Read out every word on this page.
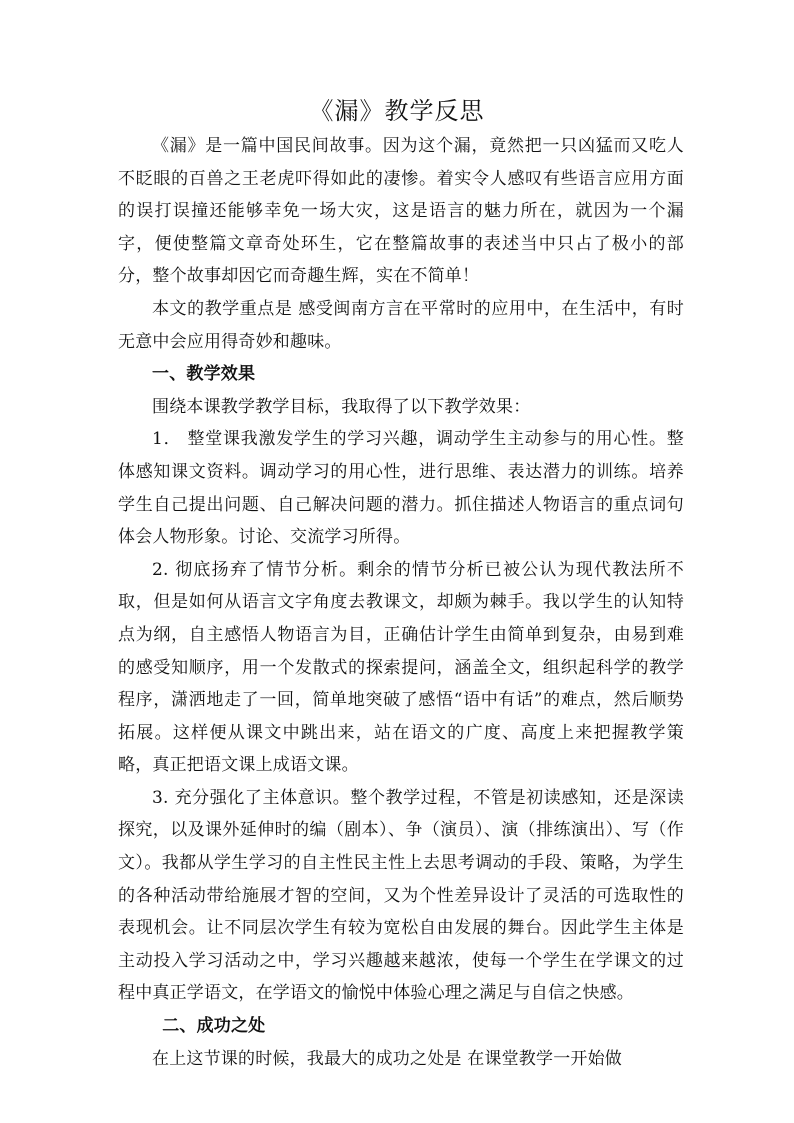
《漏》教学反思

《漏》是一篇中国民间故事。因为这个漏，竟然把一只凶猛而又吃人不眨眼的百兽之王老虎吓得如此的凄惨。着实令人感叹有些语言应用方面的误打误撞还能够幸免一场大灾，这是语言的魅力所在，就因为一个漏字，便使整篇文章奇处环生，它在整篇故事的表述当中只占了极小的部分，整个故事却因它而奇趣生辉，实在不简单！

本文的教学重点是 感受闽南方言在平常时的应用中，在生活中，有时无意中会应用得奇妙和趣味。

一、教学效果

围绕本课教学教学目标，我取得了以下教学效果：

1． 整堂课我激发学生的学习兴趣，调动学生主动参与的用心性。整体感知课文资料。调动学习的用心性，进行思维、表达潜力的训练。培养学生自己提出问题、自己解决问题的潜力。抓住描述人物语言的重点词句体会人物形象。讨论、交流学习所得。

2. 彻底扬弃了情节分析。剩余的情节分析已被公认为现代教法所不取，但是如何从语言文字角度去教课文，却颇为棘手。我以学生的认知特点为纲，自主感悟人物语言为目，正确估计学生由简单到复杂，由易到难的感受知顺序，用一个发散式的探索提问，涵盖全文，组织起科学的教学程序，潇洒地走了一回，简单地突破了感悟“语中有话”的难点，然后顺势拓展。这样便从课文中跳出来，站在语文的广度、高度上来把握教学策略，真正把语文课上成语文课。

3. 充分强化了主体意识。整个教学过程，不管是初读感知，还是深读探究，以及课外延伸时的编（剧本）、争（演员）、演（排练演出）、写（作文）。我都从学生学习的自主性民主性上去思考调动的手段、策略，为学生的各种活动带给施展才智的空间，又为个性差异设计了灵活的可选取性的表现机会。让不同层次学生有较为宽松自由发展的舞台。因此学生主体是主动投入学习活动之中，学习兴趣越来越浓，使每一个学生在学课文的过程中真正学语文，在学语文的愉悦中体验心理之满足与自信之快感。

二、成功之处

在上这节课的时候，我最大的成功之处是 在课堂教学一开始做
